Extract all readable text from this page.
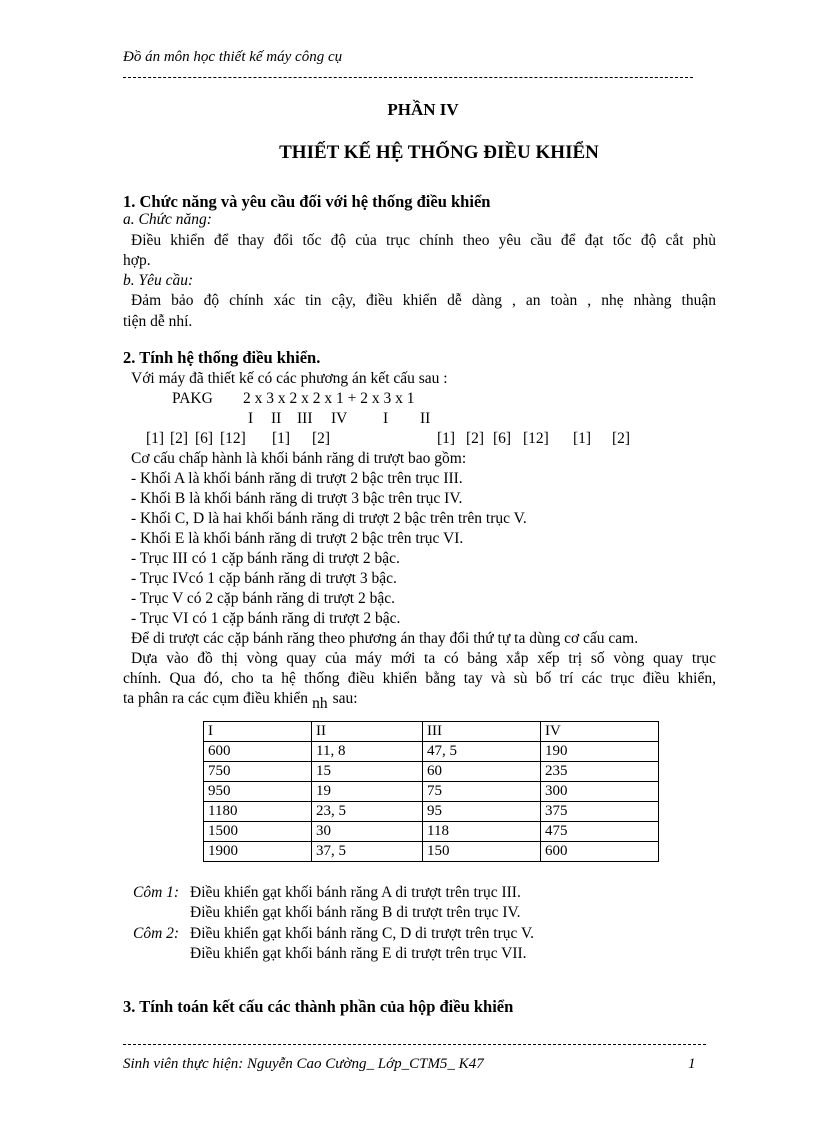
Đồ án môn học thiết kế máy công cụ
PHẦN IV
THIẾT KẾ HỆ THỐNG ĐIỀU KHIỂN
1. Chức năng và yêu cầu đối với hệ thống điều khiển
a. Chức năng:
Điều khiển để thay đổi tốc độ của trục chính theo yêu cầu để đạt tốc độ cắt phù
hợp.
b. Yêu cầu:
Đảm bảo độ chính xác tin cậy, điều khiển dễ dàng , an toàn , nhẹ nhàng thuận
tiện dễ nhí.
2. Tính hệ thống điều khiển.
Với máy đã thiết kế có các phương án kết cấu sau :
PAKG 2 x 3 x 2 x 2 x 1 + 2 x 3 x 1
I II III IV I II
[1] [2] [6] [12] [1] [2]	[1] [2] [6] [12] [1] [2]
Cơ cấu chấp hành là khối bánh răng di trượt bao gồm:
- Khối A là khối bánh răng di trượt 2 bậc trên trục III.
- Khối B là khối bánh răng di trượt 3 bậc trên trục IV.
- Khối C, D là hai khối bánh răng di trượt 2 bậc trên trên trục V.
- Khối E là khối bánh răng di trượt 2 bậc trên trục VI.
- Trục III có 1 cặp bánh răng di trượt 2 bậc.
- Trục IVcó 1 cặp bánh răng di trượt 3 bậc.
- Trục V có 2 cặp bánh răng di trượt 2 bậc.
- Trục VI có 1 cặp bánh răng di trượt 2 bậc.
Để di trượt các cặp bánh răng theo phương án thay đổi thứ tự ta dùng cơ cấu cam.
Dựa vào đồ thị vòng quay của máy mới ta có bảng xắp xếp trị số vòng quay trục
chính. Qua đó, cho ta hệ thống điều khiển bằng tay và sù bố trí các trục điều khiển,
ta phân ra các cụm điều khiển nh sau:
I	II	III	IV
600	11, 8	47, 5	190
750	15	60	235
950	19	75	300
1180	23, 5	95	375
1500	30	118	475
1900	37, 5	150	600
Côm 1: Điều khiển gạt khối bánh răng A di trượt trên trục III.
Điều khiển gạt khối bánh răng B di trượt trên trục IV.
Côm 2: Điều khiển gạt khối bánh răng C, D di trượt trên trục V.
Điều khiển gạt khối bánh răng E di trượt trên trục VII.
3. Tính toán kết cấu các thành phần của hộp điều khiển
Sinh viên thực hiện: Nguyễn Cao Cường_ Lớp_CTM5_ K47	1
